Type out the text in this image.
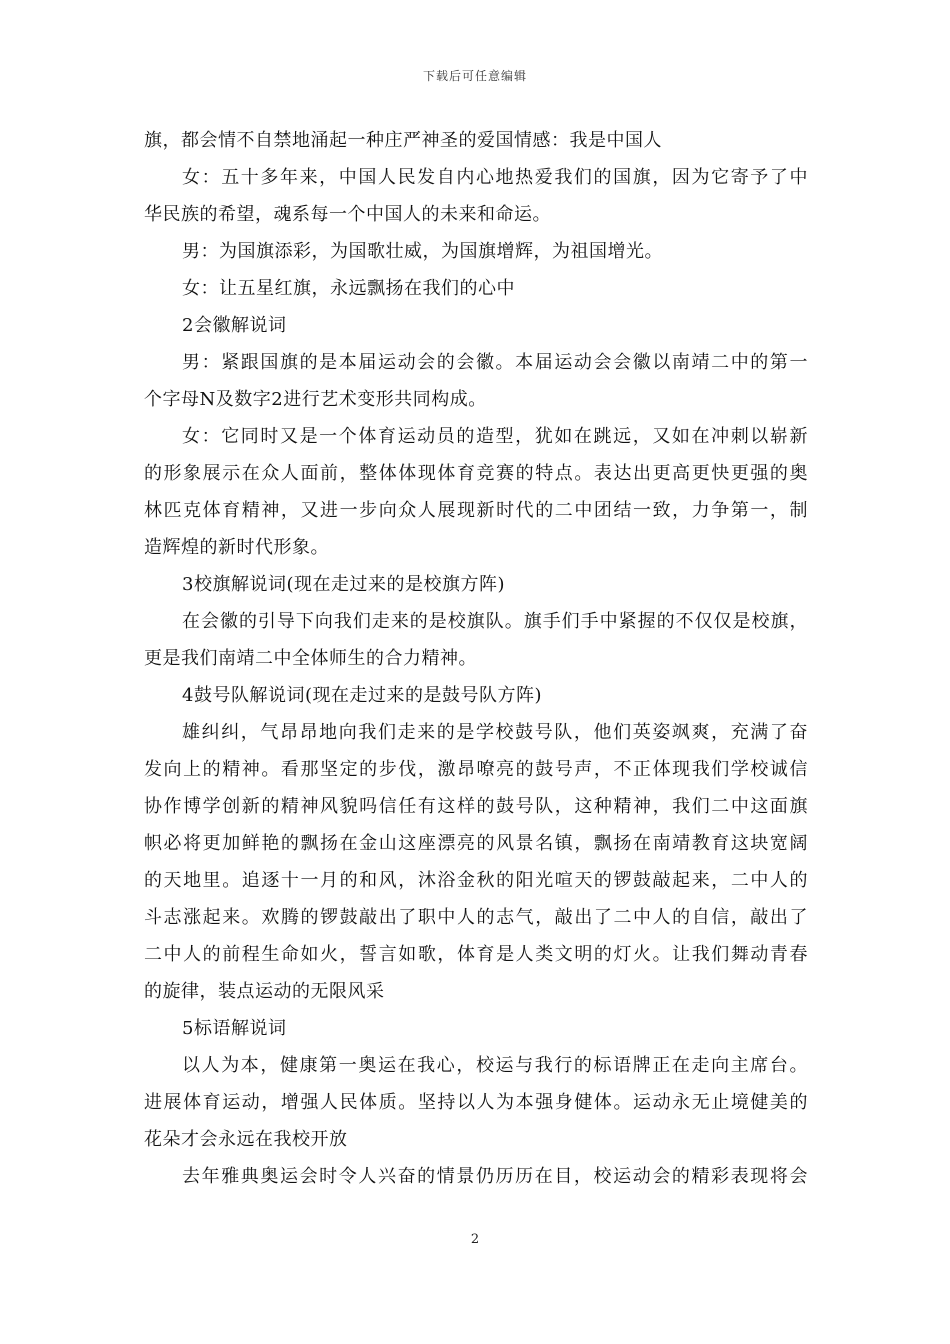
下载后可任意编辑
旗，都会情不自禁地涌起一种庄严神圣的爱国情感：我是中国人
女：五十多年来，中国人民发自内心地热爱我们的国旗，因为它寄予了中
华民族的希望，魂系每一个中国人的未来和命运。
男：为国旗添彩，为国歌壮威，为国旗增辉，为祖国增光。
女：让五星红旗，永远飘扬在我们的心中
2会徽解说词
男：紧跟国旗的是本届运动会的会徽。本届运动会会徽以南靖二中的第一
个字母N及数字2进行艺术变形共同构成。
女：它同时又是一个体育运动员的造型，犹如在跳远，又如在冲刺以崭新
的形象展示在众人面前，整体体现体育竞赛的特点。表达出更高更快更强的奥
林匹克体育精神，又进一步向众人展现新时代的二中团结一致，力争第一，制
造辉煌的新时代形象。
3校旗解说词(现在走过来的是校旗方阵)
在会徽的引导下向我们走来的是校旗队。旗手们手中紧握的不仅仅是校旗，
更是我们南靖二中全体师生的合力精神。
4鼓号队解说词(现在走过来的是鼓号队方阵)
雄纠纠，气昂昂地向我们走来的是学校鼓号队，他们英姿飒爽，充满了奋
发向上的精神。看那坚定的步伐，激昂嘹亮的鼓号声，不正体现我们学校诚信
协作博学创新的精神风貌吗信任有这样的鼓号队，这种精神，我们二中这面旗
帜必将更加鲜艳的飘扬在金山这座漂亮的风景名镇，飘扬在南靖教育这块宽阔
的天地里。追逐十一月的和风，沐浴金秋的阳光喧天的锣鼓敲起来，二中人的
斗志涨起来。欢腾的锣鼓敲出了职中人的志气，敲出了二中人的自信，敲出了
二中人的前程生命如火，誓言如歌，体育是人类文明的灯火。让我们舞动青春
的旋律，装点运动的无限风采
5标语解说词
以人为本，健康第一奥运在我心，校运与我行的标语牌正在走向主席台。
进展体育运动，增强人民体质。坚持以人为本强身健体。运动永无止境健美的
花朵才会永远在我校开放
去年雅典奥运会时令人兴奋的情景仍历历在目，校运动会的精彩表现将会
2
